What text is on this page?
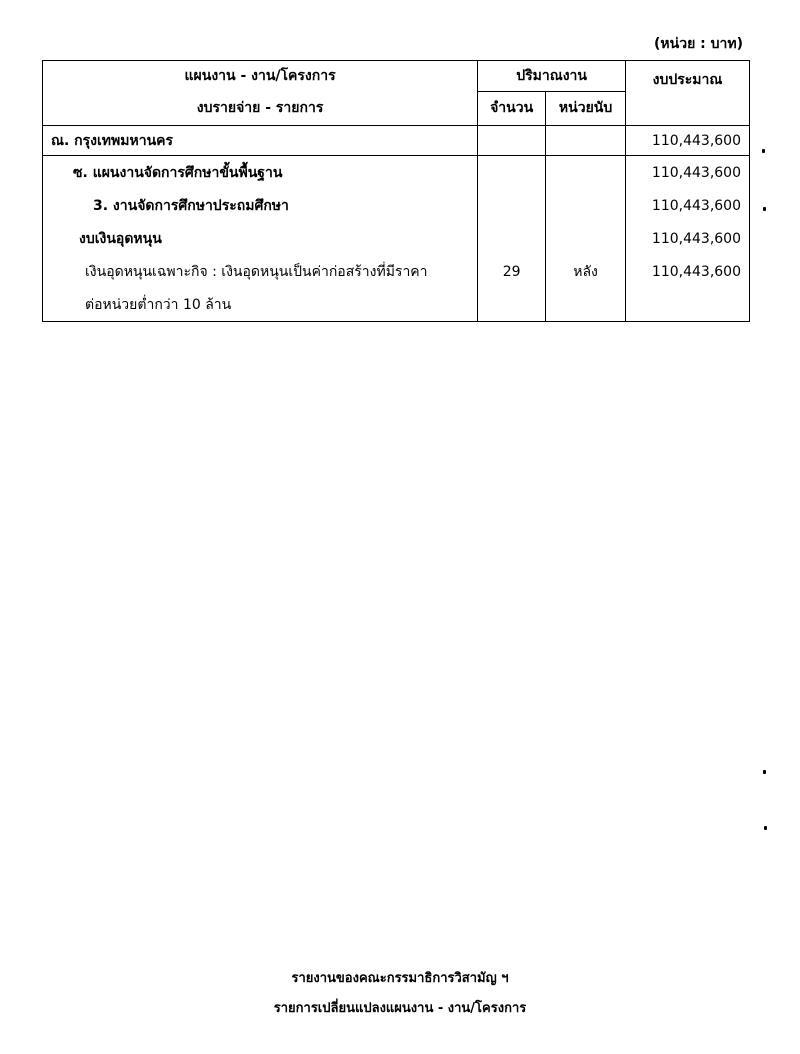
(หน่วย : บาท)
แผนงาน - งาน/โครงการ	ปริมาณงาน		งบประมาณ
งบรายจ่าย - รายการ	จำนวน	หน่วยนับ	
ณ. กรุงเทพมหานคร			110,443,600
ซ. แผนงานจัดการศึกษาขั้นพื้นฐาน			110,443,600
3. งานจัดการศึกษาประถมศึกษา			110,443,600
งบเงินอุดหนุน			110,443,600
เงินอุดหนุนเฉพาะกิจ : เงินอุดหนุนเป็นค่าก่อสร้างที่มีราคา	29	หลัง	110,443,600
ต่อหน่วยต่ำกว่า 10 ล้าน			
รายงานของคณะกรรมาธิการวิสามัญ ฯ
รายการเปลี่ยนแปลงแผนงาน - งาน/โครงการ
